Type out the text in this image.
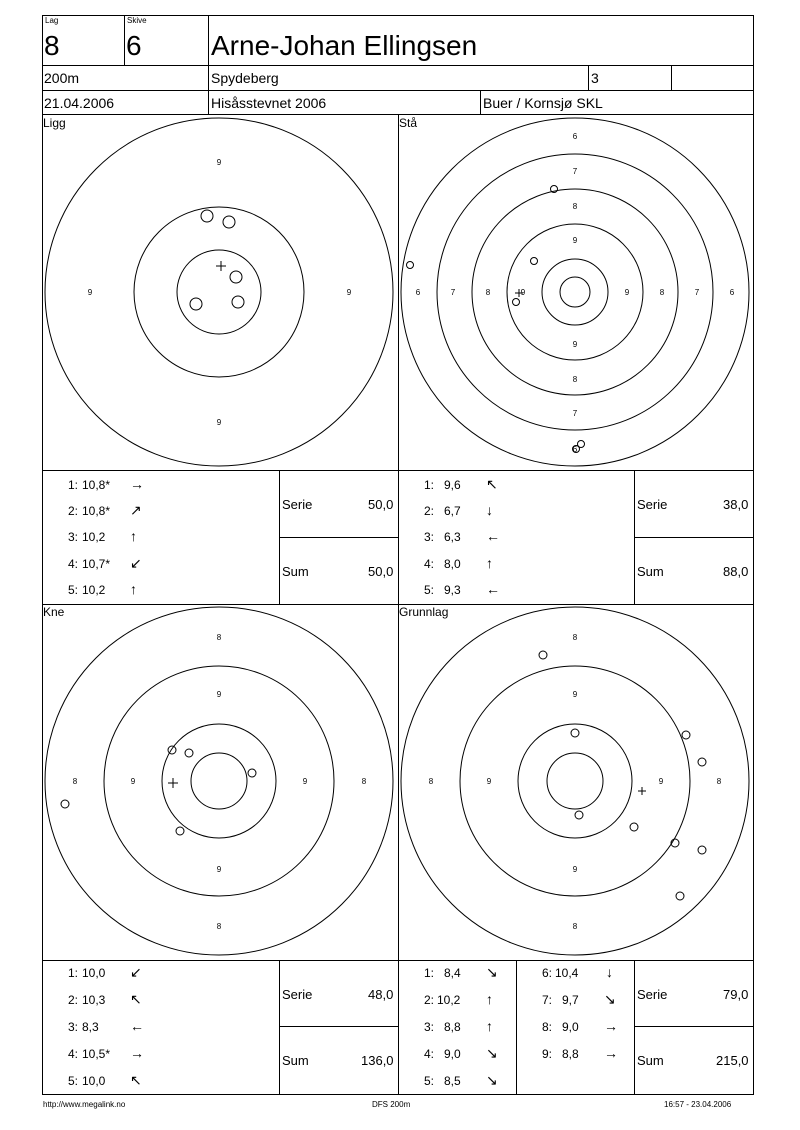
Lag
8
Skive
6 Arne-Johan Ellingsen
200m	Spydeberg	3
21.04.2006	Hisåsstevnet 2006	Buer / Kornsjø SKL
Ligg	Stå
Kne	Grunnlag
9
9	9
9
6
7
8
9
9
8
7
6
6	7	8	9	9	8	7	6
8
9
9
8
8	9	9	8
8
9
9
8
8	9	9	8
1: 10,8* →
2: 10,8* ↗
3: 10,2 ↑
4: 10,7* ↙
5: 10,2 ↑
Serie	50,0
Sum	50,0
1: 9,6 ↖
2: 6,7 ↓
3: 6,3 ←
4: 8,0 ↑
5: 9,3 ←
Serie	38,0
Sum	88,0
1: 10,0 ↙
2: 10,3 ↖
3: 8,3 ←
4: 10,5* →
5: 10,0 ↖
Serie	48,0
Sum	136,0
1: 8,4 ↘
2: 10,2 ↑
3: 8,8 ↑
4: 9,0 ↘
5: 8,5 ↘
6: 10,4 ↓
7: 9,7 ↘
8: 9,0 →
9: 8,8 →
Serie	79,0
Sum	215,0
http://www.megalink.no	DFS 200m	16:57 - 23.04.2006
